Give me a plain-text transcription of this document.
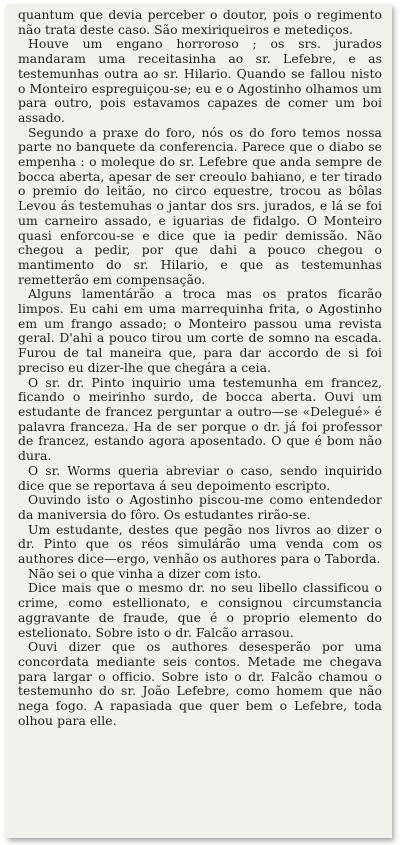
quantum que devia perceber o doutor, pois o regimento não trata deste caso. São mexiriqueiros e metediços.

Houve um engano horroroso ; os srs. jurados mandaram uma receitasinha ao sr. Lefebre, e as testemunhas outra ao sr. Hilario. Quando se fallou nisto o Monteiro espreguiçou-se; eu e o Agostinho olhamos um para outro, pois estavamos capazes de comer um boi assado.

Segundo a praxe do foro, nós os do foro temos nossa parte no banquete da conferencia. Parece que o diabo se empenha : o moleque do sr. Lefebre que anda sempre de bocca aberta, apesar de ser creoulo bahiano, e ter tirado o premio do leitão, no circo equestre, trocou as bôlas Levou ás testemuhas o jantar dos srs. jurados, e lá se foi um carneiro assado, e iguarias de fidalgo. O Monteiro quasi enforcou-se e dice que ia pedir demissão. Não chegou a pedir, por que dahi a pouco chegou o mantimento do sr. Hilario, e que as testemunhas remetterão em compensação.

Alguns lamentárão a troca mas os pratos ficarão limpos. Eu cahi em uma marrequinha frita, o Agostinho em um frango assado; o Monteiro passou uma revista geral. D'ahi a pouco tirou um corte de somno na escada. Furou de tal maneira que, para dar accordo de si foi preciso eu dizer-lhe que chegára a ceia.

O sr. dr. Pinto inquirio uma testemunha em francez, ficando o meirinho surdo, de bocca aberta. Ouvi um estudante de francez perguntar a outro—se «Delegué» é palavra franceza. Ha de ser porque o dr. já foi professor de francez, estando agora aposentado. O que é bom não dura.

O sr. Worms queria abreviar o caso, sendo inquirido dice que se reportava á seu depoimento escripto.

Ouvindo isto o Agostinho piscou-me como entendedor da maniversia do fôro. Os estudantes rirão-se.

Um estudante, destes que pegão nos livros ao dizer o dr. Pinto que os réos simulárão uma venda com os authores dice—ergo, venhão os authores para o Taborda.

Não sei o que vinha a dizer com isto.

Dice mais que o mesmo dr. no seu libello classificou o crime, como estellionato, e consignou circumstancia aggravante de fraude, que é o proprio elemento do estelionato. Sobre isto o dr. Falcão arrasou.

Ouvi dizer que os authores desesperão por uma concordata mediante seis contos. Metade me chegava para largar o officio. Sobre isto o dr. Falcão chamou o testemunho do sr. João Lefebre, como homem que não nega fogo. A rapasiada que quer bem o Lefebre, toda olhou para elle.
